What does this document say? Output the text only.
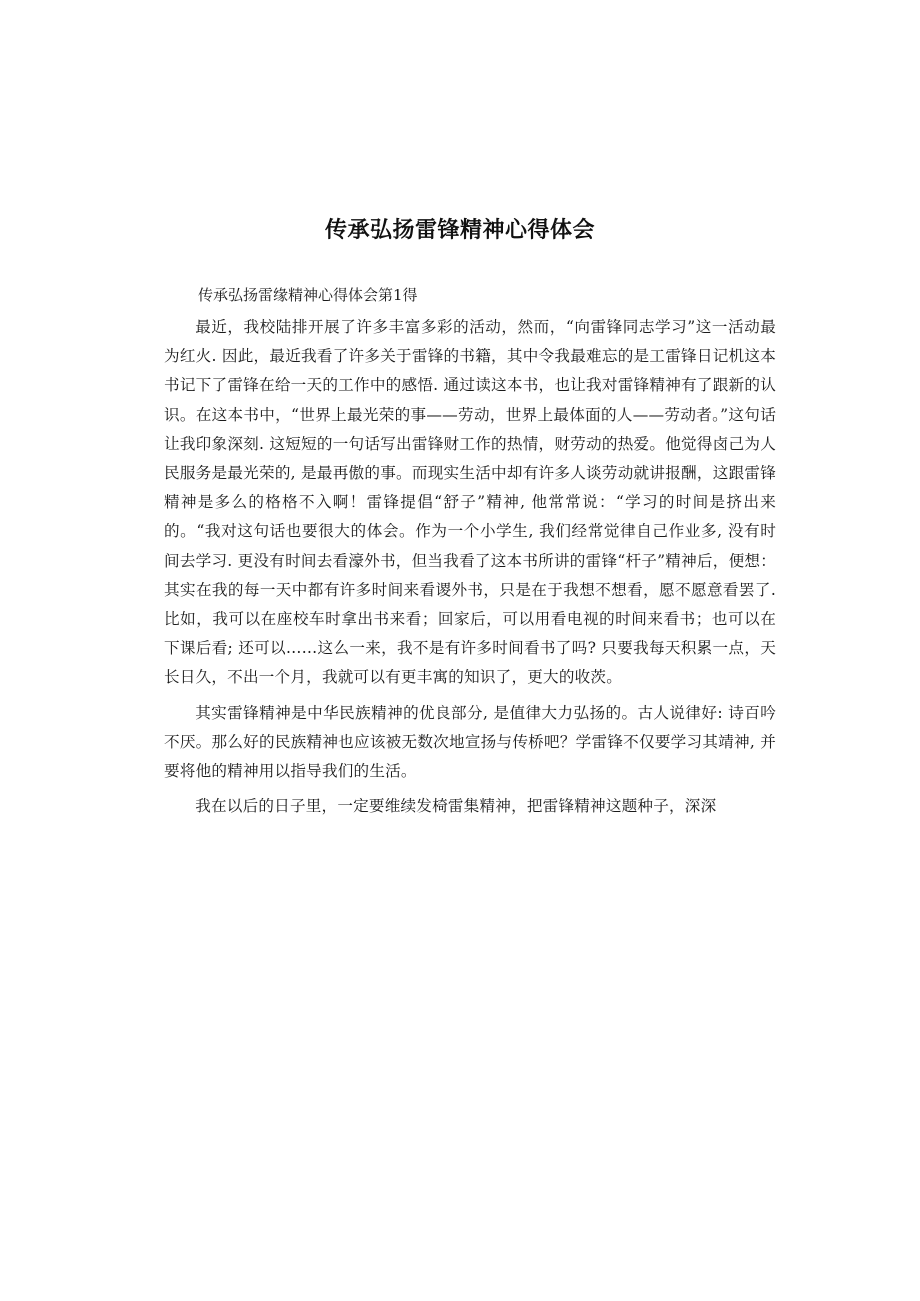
传承弘扬雷锋精神心得体会

传承弘扬雷缘精神心得体会第1得

最近，我校陆排开展了许多丰富多彩的活动，然而，“向雷锋同志学习”这一活动最为红火. 因此，最近我看了许多关于雷锋的书籍，其中令我最难忘的是工雷锋日记机这本书记下了雷锋在给一天的工作中的感悟. 通过读这本书，也让我对雷锋精神有了跟新的认识。在这本书中，“世界上最光荣的事——劳动，世界上最体面的人——劳动者。”这句话让我印象深刻. 这短短的一句话写出雷锋财工作的热情，财劳动的热爱。他觉得卤己为人民服务是最光荣的, 是最再傲的事。而现实生活中却有许多人谈劳动就讲报酬，这跟雷锋精神是多么的格格不入啊！雷锋提倡“舒子”精神, 他常常说：“学习的时间是挤出来的。“我对这句话也要很大的体会。作为一个小学生, 我们经常觉律自己作业多, 没有时间去学习. 更没有时间去看濠外书，但当我看了这本书所讲的雷锋“杆子”精神后，便想：其实在我的每一天中都有许多时间来看谡外书，只是在于我想不想看，愿不愿意看罢了. 比如，我可以在座校车时拿出书来看；回家后，可以用看电视的时间来看书；也可以在下课后看; 还可以……这么一来，我不是有许多时间看书了吗? 只要我每天积累一点，天长日久，不出一个月，我就可以有更丰寓的知识了，更大的收茨。

其实雷锋精神是中华民族精神的优良部分, 是值律大力弘扬的。古人说律好: 诗百吟不厌。那么好的民族精神也应该被无数次地宣扬与传桥吧？学雷锋不仅要学习其靖神, 并要将他的精神用以指导我们的生活。

我在以后的日子里，一定要维续发椅雷集精神，把雷锋精神这题种子，深深
